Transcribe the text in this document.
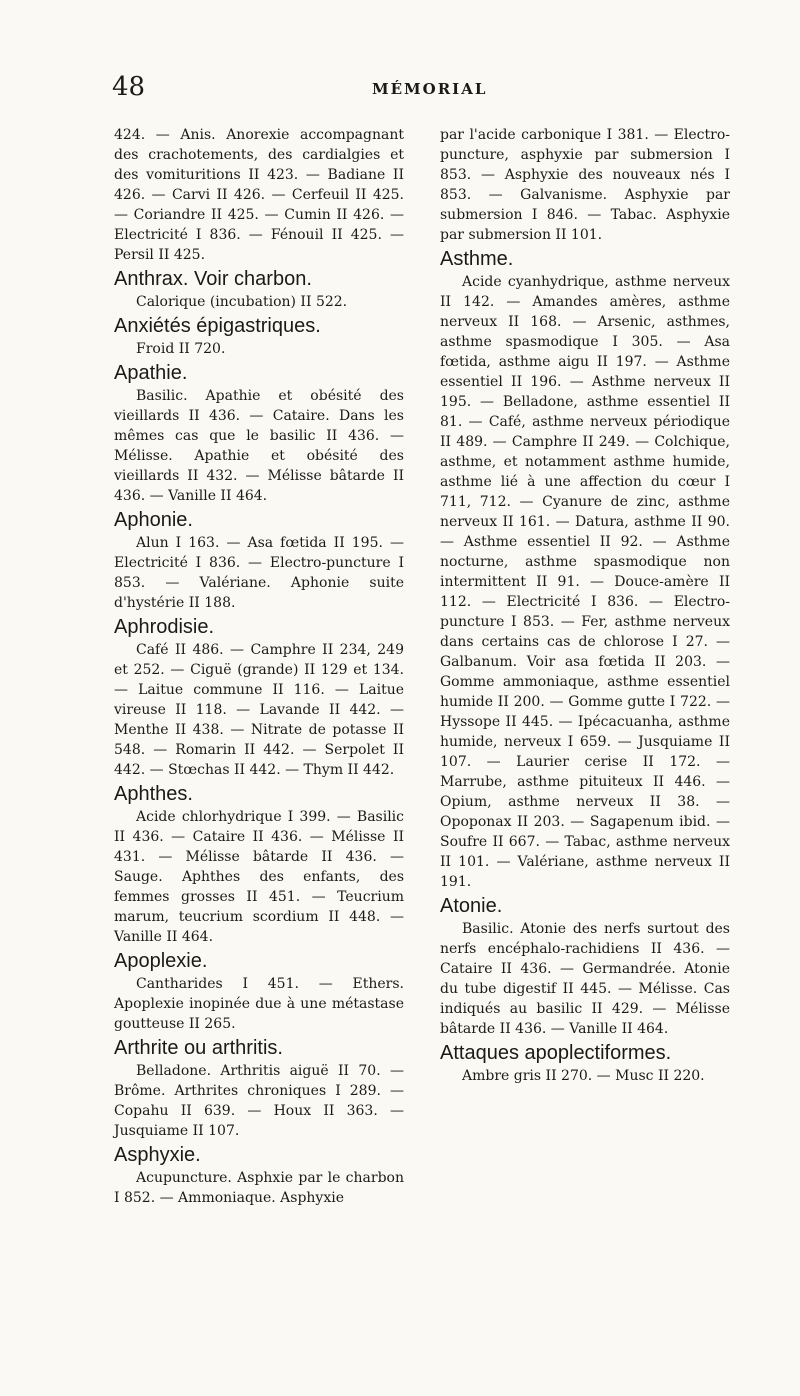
48	MÉMORIAL

424. — Anis. Anorexie accompagnant des crachotements, des cardialgies et des vomituritions II 423. — Badiane II 426. — Carvi II 426. — Cerfeuil II 425. — Coriandre II 425. — Cumin II 426. — Electricité I 836. — Fénouil II 425. — Persil II 425.

Anthrax. Voir charbon.

Calorique (incubation) II 522.

Anxiétés épigastriques.

Froid II 720.

Apathie.

Basilic. Apathie et obésité des vieillards II 436. — Cataire. Dans les mêmes cas que le basilic II 436. — Mélisse. Apathie et obésité des vieillards II 432. — Mélisse bâtarde II 436. — Vanille II 464.

Aphonie.

Alun I 163. — Asa fœtida II 195. — Electricité I 836. — Electro-puncture I 853. — Valériane. Aphonie suite d'hystérie II 188.

Aphrodisie.

Café II 486. — Camphre II 234, 249 et 252. — Ciguë (grande) II 129 et 134. — Laitue commune II 116. — Laitue vireuse II 118. — Lavande II 442. — Menthe II 438. — Nitrate de potasse II 548. — Romarin II 442. — Serpolet II 442. — Stœchas II 442. — Thym II 442.

Aphthes.

Acide chlorhydrique I 399. — Basilic II 436. — Cataire II 436. — Mélisse II 431. — Mélisse bâtarde II 436. — Sauge. Aphthes des enfants, des femmes grosses II 451. — Teucrium marum, teucrium scordium II 448. — Vanille II 464.

Apoplexie.

Cantharides I 451. — Ethers. Apoplexie inopinée due à une métastase goutteuse II 265.

Arthrite ou arthritis.

Belladone. Arthritis aiguë II 70. — Brôme. Arthrites chroniques I 289. — Copahu II 639. — Houx II 363. — Jusquiame II 107.

Asphyxie.

Acupuncture. Asphxie par le charbon I 852. — Ammoniaque. Asphyxie

par l'acide carbonique I 381. — Electro-puncture, asphyxie par submersion I 853. — Asphyxie des nouveaux nés I 853. — Galvanisme. Asphyxie par submersion I 846. — Tabac. Asphyxie par submersion II 101.

Asthme.

Acide cyanhydrique, asthme nerveux II 142. — Amandes amères, asthme nerveux II 168. — Arsenic, asthmes, asthme spasmodique I 305. — Asa fœtida, asthme aigu II 197. — Asthme essentiel II 196. — Asthme nerveux II 195. — Belladone, asthme essentiel II 81. — Café, asthme nerveux périodique II 489. — Camphre II 249. — Colchique, asthme, et notamment asthme humide, asthme lié à une affection du cœur I 711, 712. — Cyanure de zinc, asthme nerveux II 161. — Datura, asthme II 90. — Asthme essentiel II 92. — Asthme nocturne, asthme spasmodique non intermittent II 91. — Douce-amère II 112. — Electricité I 836. — Electro-puncture I 853. — Fer, asthme nerveux dans certains cas de chlorose I 27. — Galbanum. Voir asa fœtida II 203. — Gomme ammoniaque, asthme essentiel humide II 200. — Gomme gutte I 722. — Hyssope II 445. — Ipécacuanha, asthme humide, nerveux I 659. — Jusquiame II 107. — Laurier cerise II 172. — Marrube, asthme pituiteux II 446. — Opium, asthme nerveux II 38. — Opoponax II 203. — Sagapenum ibid. — Soufre II 667. — Tabac, asthme nerveux II 101. — Valériane, asthme nerveux II 191.

Atonie.

Basilic. Atonie des nerfs surtout des nerfs encéphalo-rachidiens II 436. — Cataire II 436. — Germandrée. Atonie du tube digestif II 445. — Mélisse. Cas indiqués au basilic II 429. — Mélisse bâtarde II 436. — Vanille II 464.

Attaques apoplectiformes.

Ambre gris II 270. — Musc II 220.
